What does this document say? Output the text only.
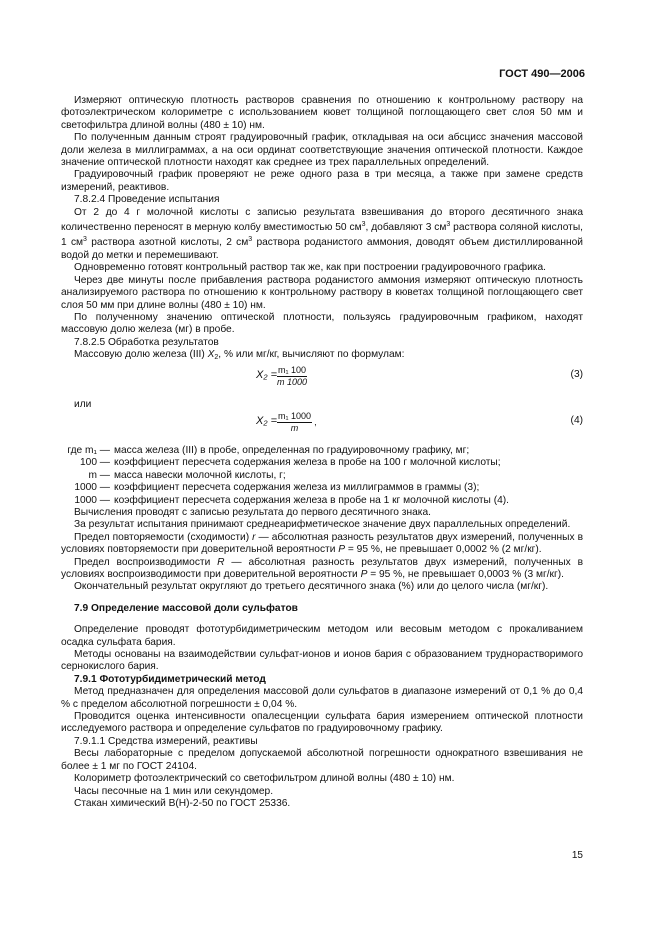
ГОСТ 490—2006

Измеряют оптическую плотность растворов сравнения по отношению к контрольному раствору на фотоэлектрическом колориметре с использованием кювет толщиной поглощающего свет слоя 50 мм и светофильтра длиной волны (480 ± 10) нм.

По полученным данным строят градуировочный график, откладывая на оси абсцисс значения массовой доли железа в миллиграммах, а на оси ординат соответствующие значения оптической плотности. Каждое значение оптической плотности находят как среднее из трех параллельных определений.

Градуировочный график проверяют не реже одного раза в три месяца, а также при замене средств измерений, реактивов.

7.8.2.4 Проведение испытания

От 2 до 4 г молочной кислоты с записью результата взвешивания до второго десятичного знака количественно переносят в мерную колбу вместимостью 50 $см^3$, добавляют 3 $см^3$ раствора соляной кислоты, 1 $см^3$ раствора азотной кислоты, 2 $см^3$ раствора роданистого аммония, доводят объем дистиллированной водой до метки и перемешивают.

Одновременно готовят контрольный раствор так же, как при построении градуировочного графика.

Через две минуты после прибавления раствора роданистого аммония измеряют оптическую плотность анализируемого раствора по отношению к контрольному раствору в кюветах толщиной поглощающего свет слоя 50 мм при длине волны (480 ± 10) нм.

По полученному значению оптической плотности, пользуясь градуировочным графиком, находят массовую долю железа (мг) в пробе.

7.8.2.5 Обработка результатов

Массовую долю железа (III) $X_2$, % или мг/кг, вычисляют по формулам:

$X_2 = \frac{\text{m₁ 100}}{m 1000}$	(3)

или

X₂ = m₁ 1000
m
,	(4)
где m₁ — масса железа (III) в пробе, определенная по градуировочному графику, мг;
100 — коэффициент пересчета содержания железа в пробе на 100 г молочной кислоты;
m — масса навески молочной кислоты, г;
1000 — коэффициент пересчета содержания железа из миллиграммов в граммы (3);
1000 — коэффициент пересчета содержания железа в пробе на 1 кг молочной кислоты (4).

Вычисления проводят с записью результата до первого десятичного знака.

За результат испытания принимают среднеарифметическое значение двух параллельных определений.

Предел повторяемости (сходимости) r — абсолютная разность результатов двух измерений, полученных в условиях повторяемости при доверительной вероятности P = 95 %, не превышает 0,0002 % (2 мг/кг).

Предел воспроизводимости R — абсолютная разность результатов двух измерений, полученных в условиях воспроизводимости при доверительной вероятности P = 95 %, не превышает 0,0003 % (3 мг/кг).

Окончательный результат округляют до третьего десятичного знака (%) или до целого числа (мг/кг).

7.9 Определение массовой доли сульфатов

Определение проводят фототурбидиметрическим методом или весовым методом с прокаливанием осадка сульфата бария.

Методы основаны на взаимодействии сульфат-ионов и ионов бария с образованием труднорастворимого сернокислого бария.

7.9.1 Фототурбидиметрический метод

Метод предназначен для определения массовой доли сульфатов в диапазоне измерений от 0,1 % до 0,4 % с пределом абсолютной погрешности ± 0,04 %.

Проводится оценка интенсивности опалесценции сульфата бария измерением оптической плотности исследуемого раствора и определение сульфатов по градуировочному графику.

7.9.1.1 Средства измерений, реактивы

Весы лабораторные с пределом допускаемой абсолютной погрешности однократного взвешивания не более ± 1 мг по ГОСТ 24104.

Колориметр фотоэлектрический со светофильтром длиной волны (480 ± 10) нм.

Часы песочные на 1 мин или секундомер.

Стакан химический В(Н)-2-50 по ГОСТ 25336.

15
